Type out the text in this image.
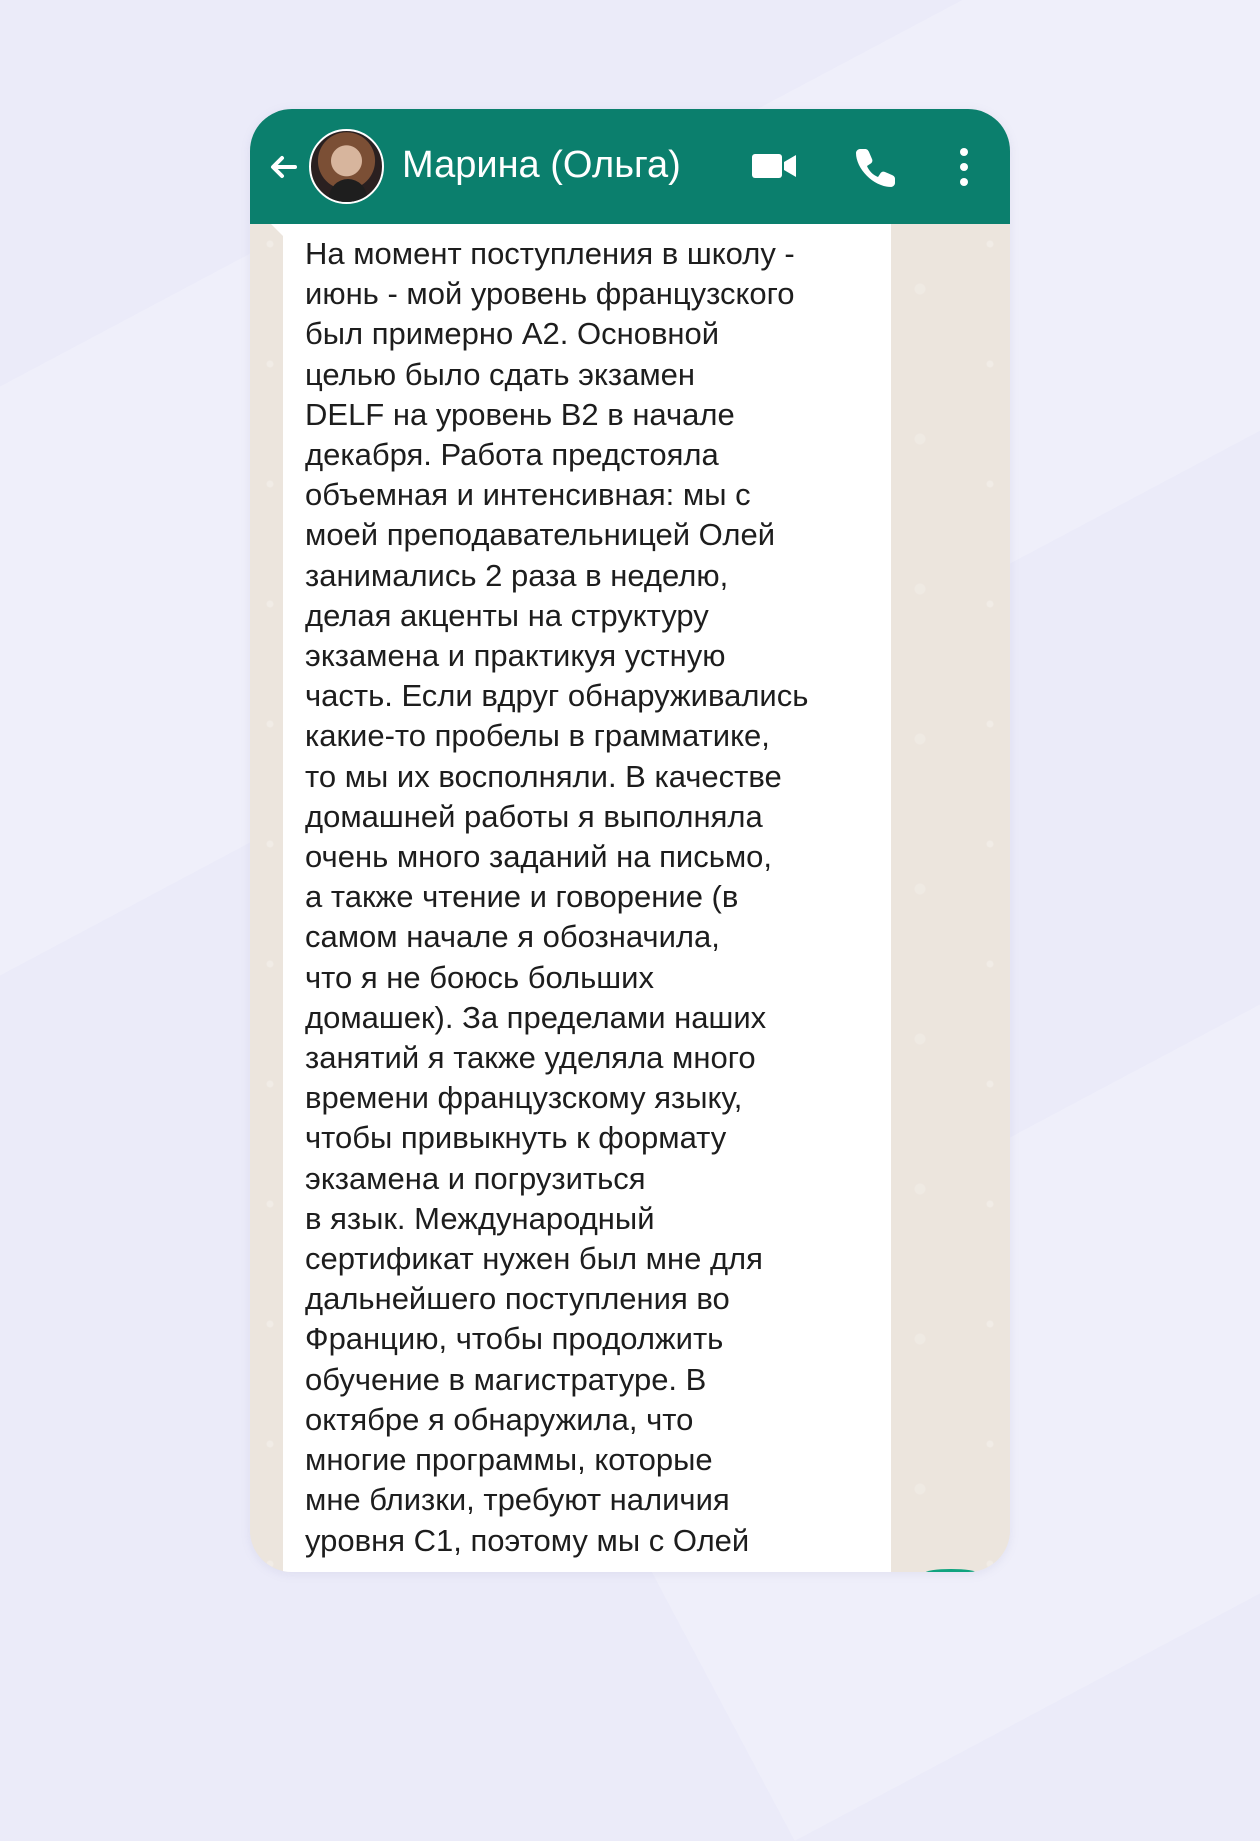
Марина (Ольга)

На момент поступления в школу -
июнь - мой уровень французского
был примерно А2. Основной
целью было сдать экзамен
DELF на уровень В2 в начале
декабря. Работа предстояла
объемная и интенсивная: мы с
моей преподавательницей Олей
занимались 2 раза в неделю,
делая акценты на структуру
экзамена и практикуя устную
часть. Если вдруг обнаруживались
какие-то пробелы в грамматике,
то мы их восполняли. В качестве
домашней работы я выполняла
очень много заданий на письмо,
а также чтение и говорение (в
самом начале я обозначила,
что я не боюсь больших
домашек). За пределами наших
занятий я также уделяла много
времени французскому языку,
чтобы привыкнуть к формату
экзамена и погрузиться
в язык. Международный
сертификат нужен был мне для
дальнейшего поступления во
Францию, чтобы продолжить
обучение в магистратуре. В
октябре я обнаружила, что
многие программы, которые
мне близки, требуют наличия
уровня С1, поэтому мы с Олей
